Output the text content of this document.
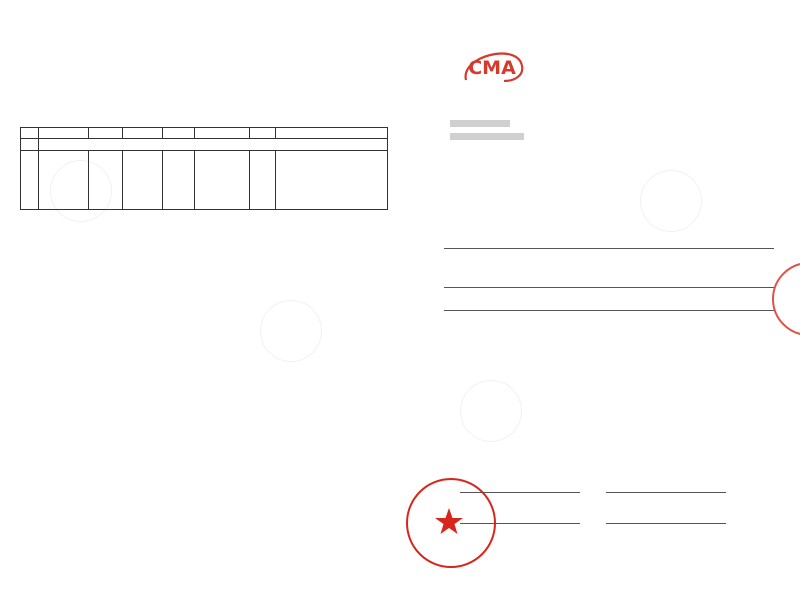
CMA
